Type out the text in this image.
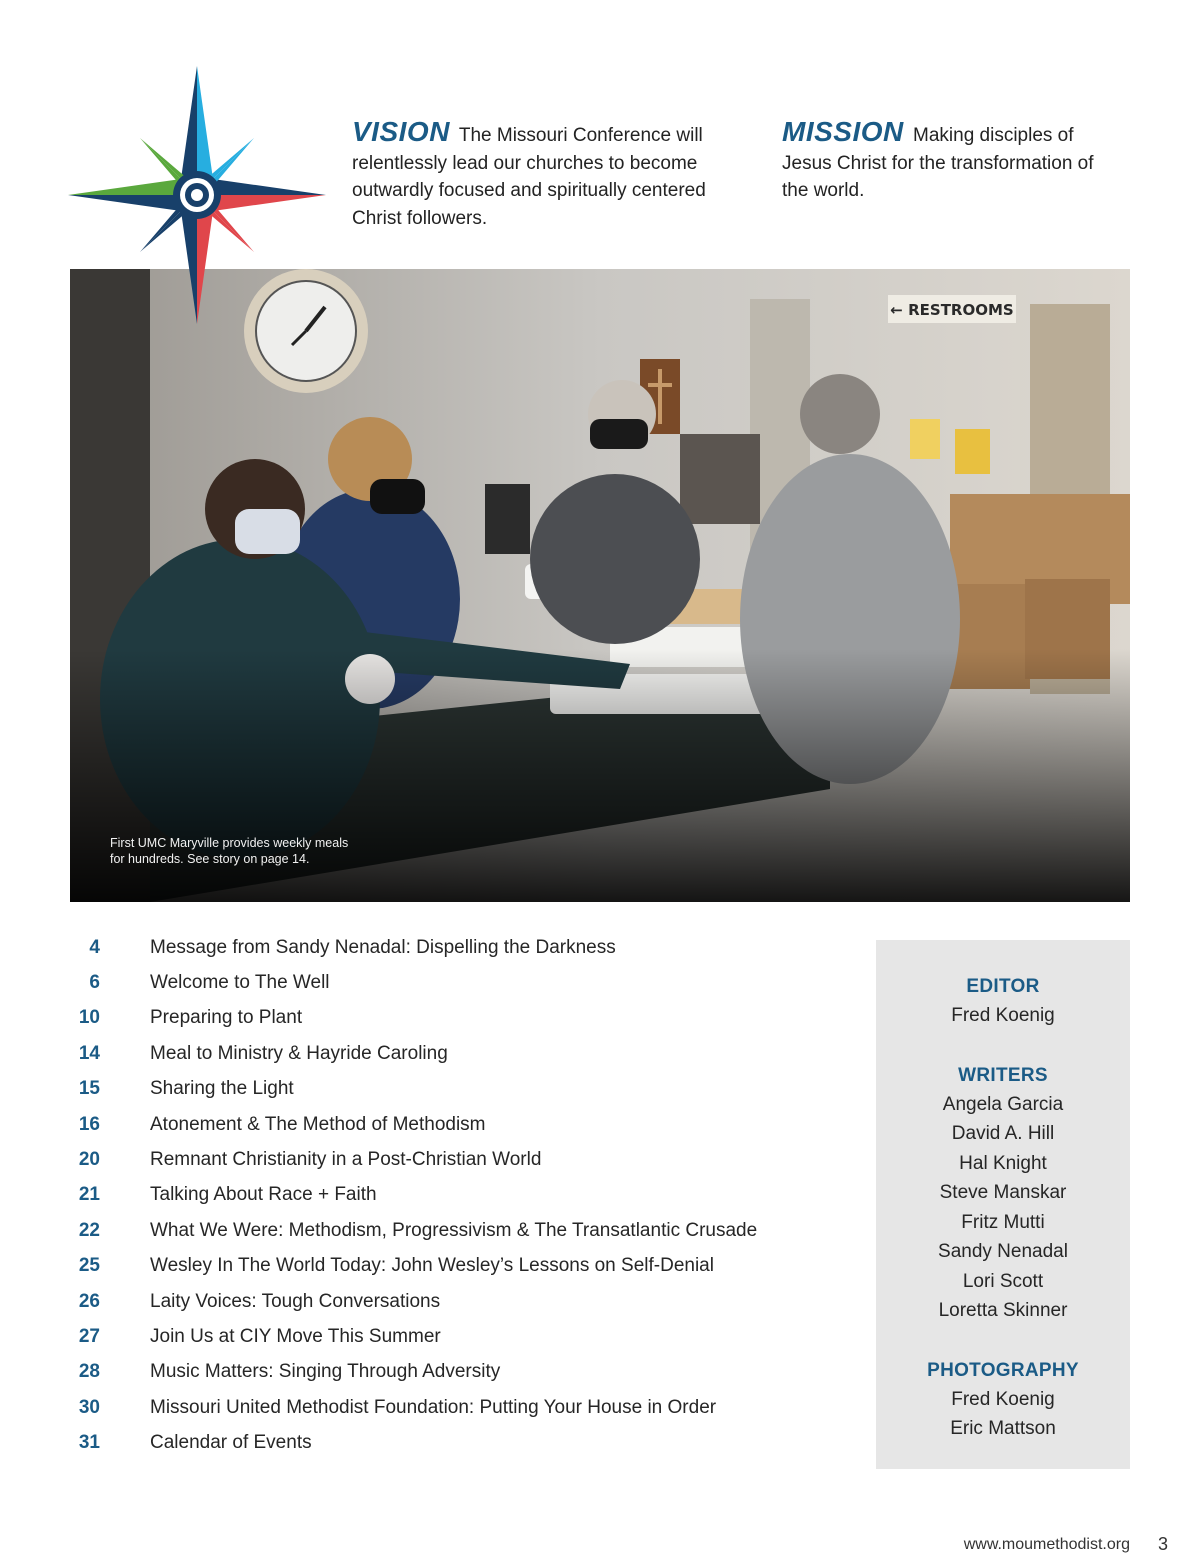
VISION The Missouri Conference will relentlessly lead our churches to become outwardly focused and spiritually centered Christ followers.
MISSION Making disciples of Jesus Christ for the transformation of the world.
← RESTROOMS
First UMC Maryville provides weekly meals
for hundreds. See story on page 14.
4	Message from Sandy Nenadal: Dispelling the Darkness
6	Welcome to The Well
10	Preparing to Plant
14	Meal to Ministry & Hayride Caroling
15	Sharing the Light
16	Atonement & The Method of Methodism
20	Remnant Christianity in a Post-Christian World
21	Talking About Race + Faith
22	What We Were: Methodism, Progressivism & The Transatlantic Crusade
25	Wesley In The World Today: John Wesley’s Lessons on Self-Denial
26	Laity Voices: Tough Conversations
27	Join Us at CIY Move This Summer
28	Music Matters: Singing Through Adversity
30	Missouri United Methodist Foundation: Putting Your House in Order
31	Calendar of Events
EDITOR
Fred Koenig
WRITERS
Angela Garcia
David A. Hill
Hal Knight
Steve Manskar
Fritz Mutti
Sandy Nenadal
Lori Scott
Loretta Skinner
PHOTOGRAPHY
Fred Koenig
Eric Mattson
www.moumethodist.org 3
